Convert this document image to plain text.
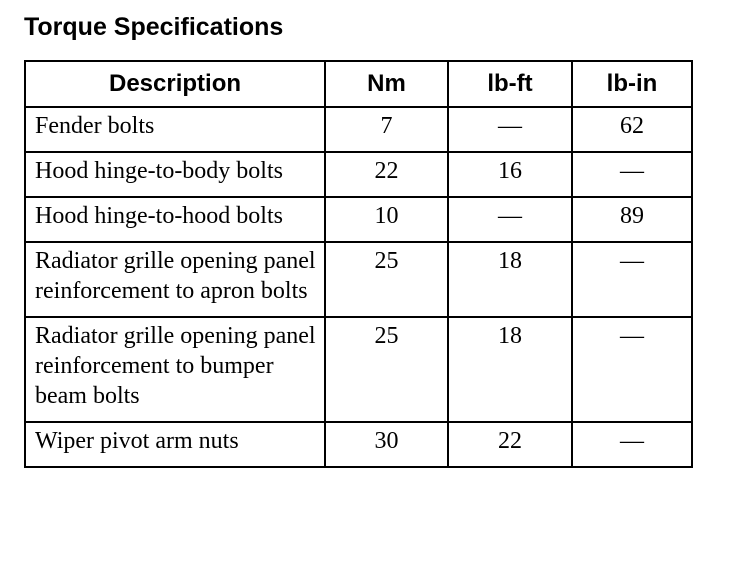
Torque Specifications
Description	Nm	lb-ft	lb-in
Fender bolts	7	—	62
Hood hinge-to-body bolts	22	16	—
Hood hinge-to-hood bolts	10	—	89
Radiator grille opening panel reinforcement to apron bolts	25	18	—
Radiator grille opening panel reinforcement to bumper beam bolts	25	18	—
Wiper pivot arm nuts	30	22	—
